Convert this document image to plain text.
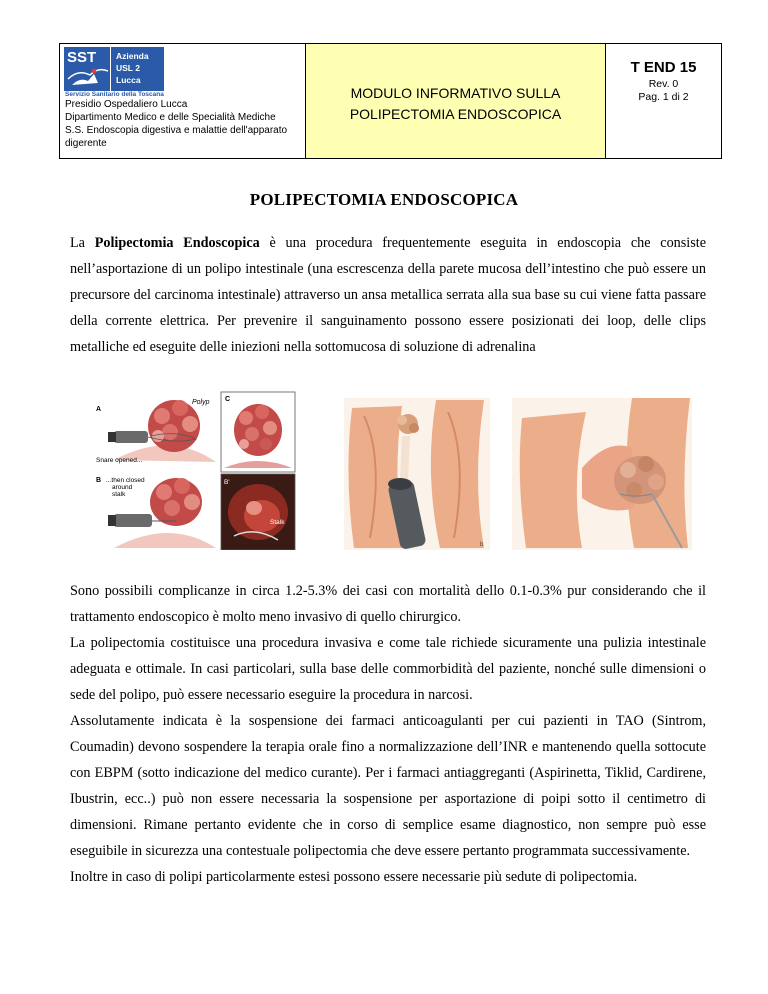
SST Azienda
USL 2
Lucca
Servizio Sanitario della Toscana
Presidio Ospedaliero Lucca
Dipartimento Medico e delle Specialità Mediche
S.S. Endoscopia digestiva e malattie dell'apparato digerente
MODULO INFORMATIVO SULLA
POLIPECTOMIA ENDOSCOPICA
T END 15
Rev. 0
Pag. 1 di 2
POLIPECTOMIA ENDOSCOPICA

La Polipectomia Endoscopica è una procedura frequentemente eseguita in endoscopia che consiste nell’asportazione di un polipo intestinale (una escrescenza della parete mucosa dell’intestino che può essere un precursore del carcinoma intestinale) attraverso un ansa metallica serrata alla sua base su cui viene fatta passare della corrente elettrica. Per prevenire il sanguinamento possono essere posizionati dei loop, delle clips metalliche ed eseguite delle iniezioni nella sottomucosa di soluzione di adrenalina

C
B'
Stalk
Polyp
A
Snare opened...
B ...then closed around stalk
b
Sono possibili complicanze in circa 1.2-5.3% dei casi con mortalità dello 0.1-0.3% pur considerando che il trattamento endoscopico è molto meno invasivo di quello chirurgico.
La polipectomia costituisce una procedura invasiva e come tale richiede sicuramente una pulizia intestinale adeguata e ottimale. In casi particolari, sulla base delle commorbidità del paziente, nonché sulle dimensioni o sede del polipo, può essere necessario eseguire la procedura in narcosi.
Assolutamente indicata è la sospensione dei farmaci anticoagulanti per cui pazienti in TAO (Sintrom, Coumadin) devono sospendere la terapia orale fino a normalizzazione dell’INR e mantenendo quella sottocute con EBPM (sotto indicazione del medico curante). Per i farmaci antiaggreganti (Aspirinetta, Tiklid, Cardirene, Ibustrin, ecc..) può non essere necessaria la sospensione per asportazione di poipi sotto il centimetro di dimensioni. Rimane pertanto evidente che in corso di semplice esame diagnostico, non sempre può esse eseguibile in sicurezza una contestuale polipectomia che deve essere pertanto programmata successivamente.
Inoltre in caso di polipi particolarmente estesi possono essere necessarie più sedute di polipectomia.
